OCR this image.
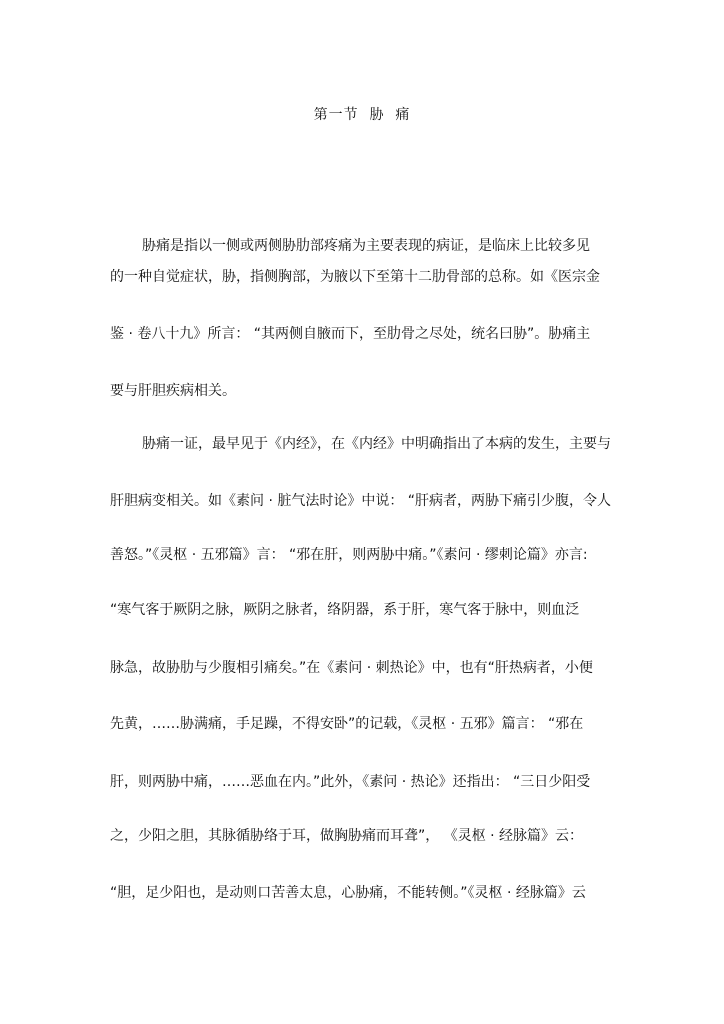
第一节  胁  痛
胁痛是指以一侧或两侧胁肋部疼痛为主要表现的病证，是临床上比较多见
的一种自觉症状，胁，指侧胸部，为腋以下至第十二肋骨部的总称。如《医宗金
鉴 · 卷八十九》所言： “其两侧自腋而下，至肋骨之尽处，统名曰胁”。胁痛主
要与肝胆疾病相关。
胁痛一证，最早见于《内经》，在《内经》中明确指出了本病的发生，主要与
肝胆病变相关。如《素问 · 脏气法时论》中说： “肝病者，两胁下痛引少腹，令人
善怒。”《灵枢 · 五邪篇》言： “邪在肝，则两胁中痛。”《素问 · 缪刺论篇》亦言:
“寒气客于厥阴之脉，厥阴之脉者，络阴器，系于肝，寒气客于脉中，则血泛
脉急，故胁肋与少腹相引痛矣。”在《素问 · 刺热论》中，也有“肝热病者，小便
先黄，……胁满痛，手足躁，不得安卧”的记载，《灵枢 · 五邪》篇言： “邪在
肝，则两胁中痛，……恶血在内。”此外，《素问 · 热论》还指出： “三日少阳受
之，少阳之胆，其脉循胁络于耳，做胸胁痛而耳聋”， 《灵枢 · 经脉篇》云：
“胆，足少阳也，是动则口苦善太息，心胁痛，不能转侧。”《灵枢 · 经脉篇》云
